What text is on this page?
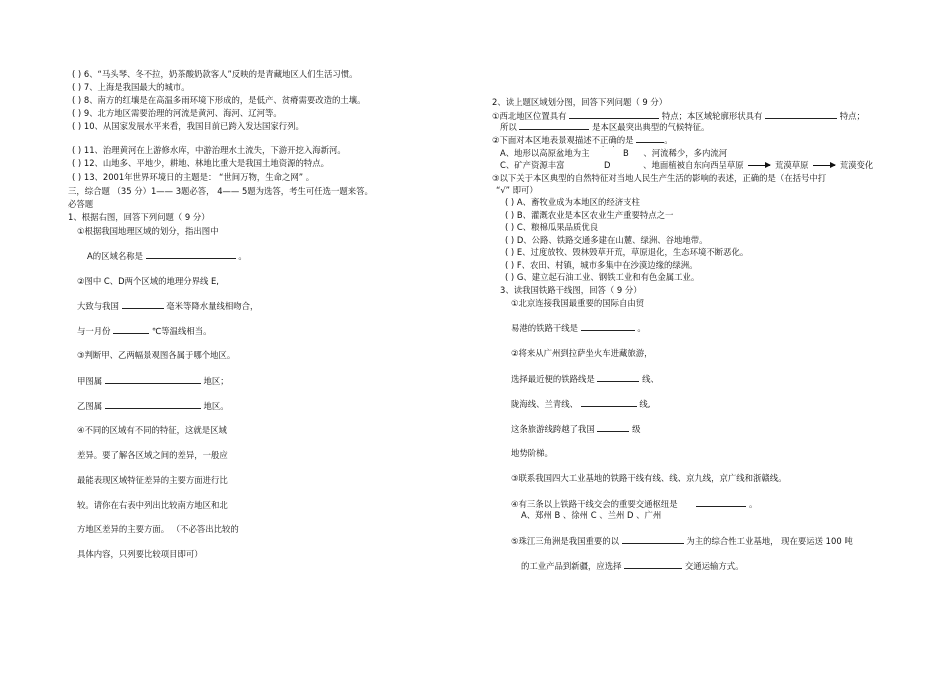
( ) 6、“马头琴、冬不拉，奶茶酸奶款客人”反映的是青藏地区人们生活习惯。
( ) 7、上海是我国最大的城市。
( ) 8、南方的红壤是在高温多雨环境下形成的，是低产、贫瘠需要改造的土壤。
( ) 9、北方地区需要治理的河流是黄河、海河、辽河等。
( ) 10、从国家发展水平来看，我国目前已跨入发达国家行列。
( ) 11、治理黄河在上游修水库，中游治理水土流失，下游开挖入海新河。
( ) 12、山地多、平地少，耕地、林地比重大是我国土地资源的特点。
( ) 13、2001年世界环境日的主题是： “世间万物，生命之网” 。
三，综合题 （35 分）1—— 3题必答， 4—— 5题为选答，考生可任选一题来答。
必答题
1、根据右图，回答下列问题（ 9 分）
①根据我国地理区域的划分，指出图中
A的区域名称是	。
②图中 C、D两个区域的地理分界线 E,
大致与我国	毫米等降水量线相吻合，
与一月份	℃等温线相当。
③判断甲、乙两幅景观图各属于哪个地区。
甲图属	地区；
乙图属	地区。
④不同的区域有不同的特征，这就是区域
差异。要了解各区域之间的差异，一般应
最能表现区域特征差异的主要方面进行比
较。请你在右表中列出比较南方地区和北
方地区差异的主要方面。 （不必答出比较的
具体内容，只列要比较项目即可）
2、读上题区域划分图，回答下列问题（ 9 分）
①西北地区位置具有	特点；本区域轮廓形状具有	特点；
所以	是本区最突出典型的气候特征。
②下面对本区地表景观描述不正确 · ·的是	。
A、地形以高原盆地为主	B 、河流稀少，多内流河
C、矿产资源丰富	D	、地面植被自东向西呈草原	荒漠草原	荒漠变化
③以下关于本区典型的自然特征对当地人民生产生活的影响的表述，正确的是（在括号中打
“√” 即可）
( ) A、畜牧业成为本地区的经济支柱
( ) B、灌溉农业是本区农业生产重要特点之一
( ) C、粮棉瓜果品质优良
( ) D、公路、铁路交通多建在山麓、绿洲、谷地地带。
( ) E、过度放牧、毁林毁草开荒，草原退化，生态环境不断恶化。
( ) F、农田、村镇，城市多集中在沙漠边缘的绿洲。
( ) G、建立起石油工业、钢铁工业和有色金属工业。
3、读我国铁路干线图，回答（ 9 分）
①北京连接我国最重要的国际自由贸
易港的铁路干线是	。
②将来从广州到拉萨坐火车进藏旅游，
选择最近便的铁路线是	线、
陇海线、兰青线、	线,
这条旅游线跨越了我国	级
地势阶梯。
③联系我国四大工业基地的铁路干线有线、线、京九线，京广线和浙赣线。
④有三条以上铁路干线交会的重要交通枢纽是	。
A、郑州 B 、徐州 C 、兰州 D 、广州
⑤珠江三角洲是我国重要的以	为主的综合性工业基地， 现在要运送 100 吨
的工业产品到新疆，应选择	交通运输方式。
